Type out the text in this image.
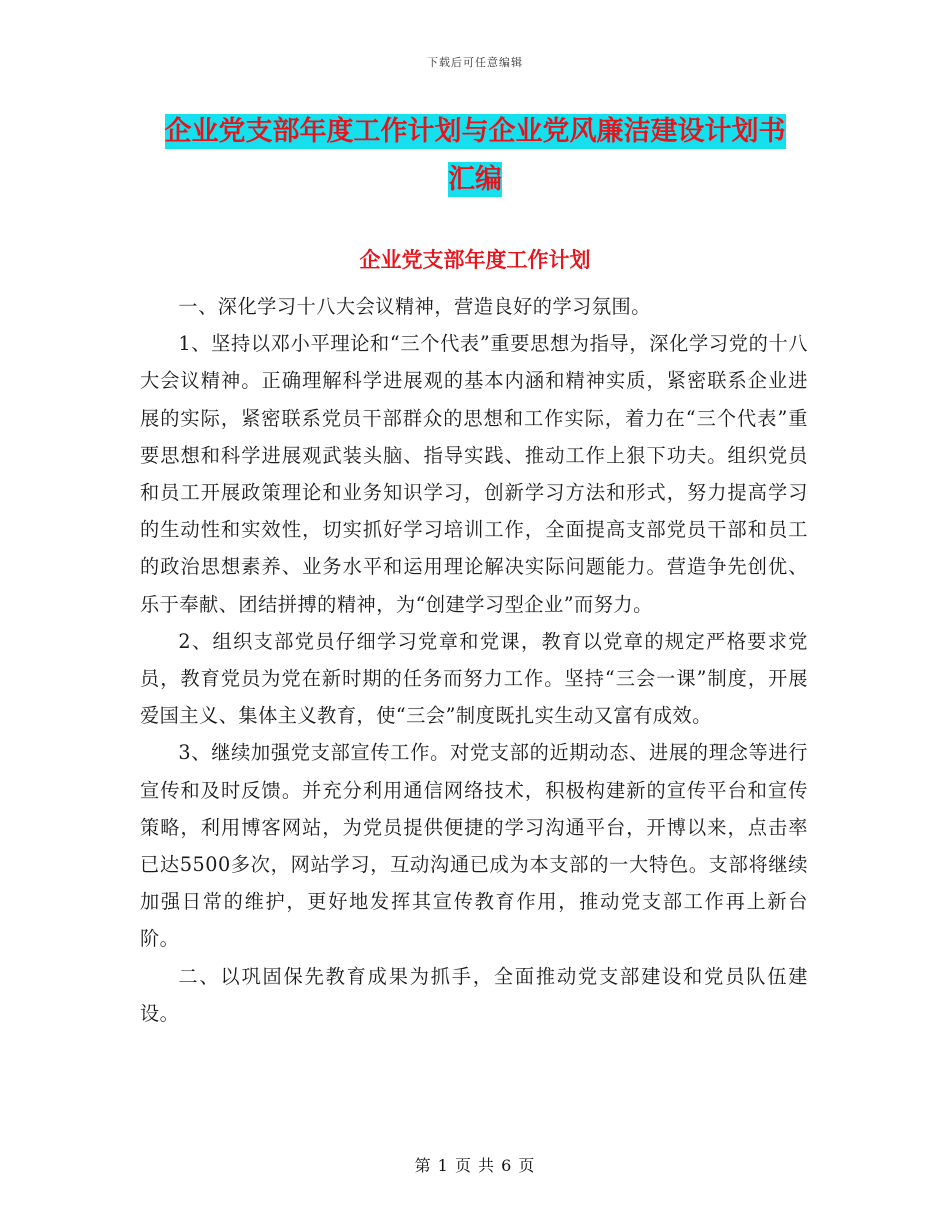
下载后可任意编辑
企业党支部年度工作计划与企业党风廉洁建设计划书
汇编
企业党支部年度工作计划

一、深化学习十八大会议精神，营造良好的学习氛围。

1、坚持以邓小平理论和“三个代表”重要思想为指导，深化学习党的十八大会议精神。正确理解科学进展观的基本内涵和精神实质，紧密联系企业进展的实际，紧密联系党员干部群众的思想和工作实际，着力在“三个代表”重要思想和科学进展观武装头脑、指导实践、推动工作上狠下功夫。组织党员和员工开展政策理论和业务知识学习，创新学习方法和形式，努力提高学习的生动性和实效性，切实抓好学习培训工作，全面提高支部党员干部和员工的政治思想素养、业务水平和运用理论解决实际问题能力。营造争先创优、乐于奉献、团结拼搏的精神，为“创建学习型企业”而努力。

2、组织支部党员仔细学习党章和党课，教育以党章的规定严格要求党员，教育党员为党在新时期的任务而努力工作。坚持“三会一课”制度，开展爱国主义、集体主义教育，使“三会”制度既扎实生动又富有成效。

3、继续加强党支部宣传工作。对党支部的近期动态、进展的理念等进行宣传和及时反馈。并充分利用通信网络技术，积极构建新的宣传平台和宣传策略，利用博客网站，为党员提供便捷的学习沟通平台，开博以来，点击率已达5500多次，网站学习，互动沟通已成为本支部的一大特色。支部将继续加强日常的维护，更好地发挥其宣传教育作用，推动党支部工作再上新台阶。

二、以巩固保先教育成果为抓手，全面推动党支部建设和党员队伍建设。

第 1 页 共 6 页
